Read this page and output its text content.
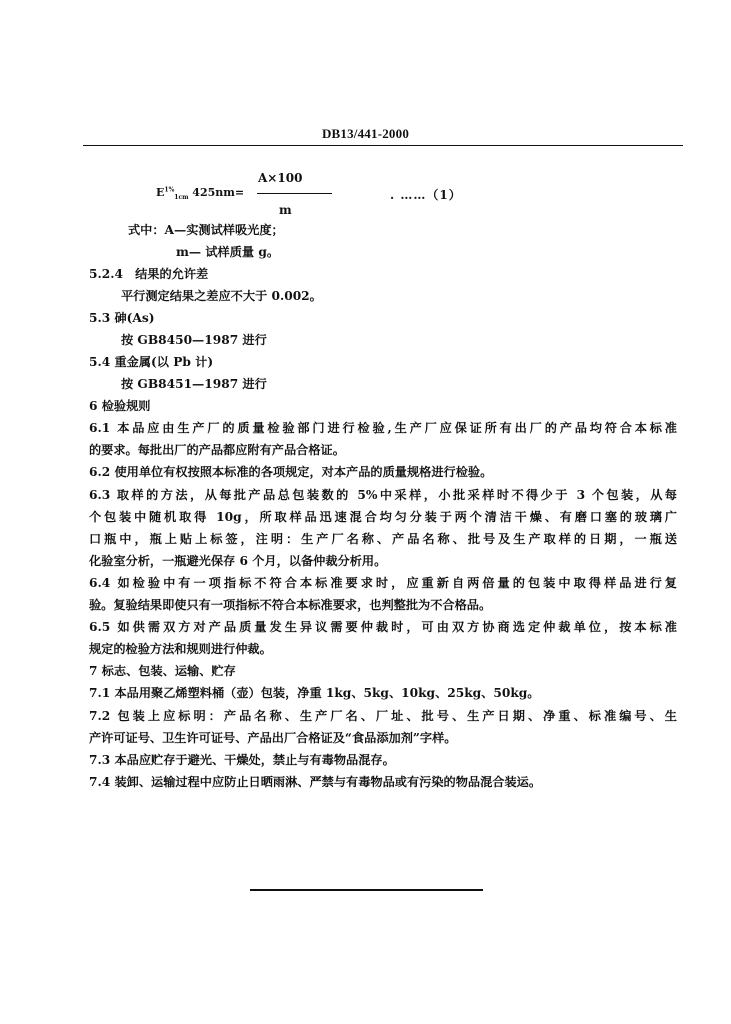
DB13/441-2000
A×100
$E^{1\%}_{1cm}$ 425nm=
m
. ……（1）
式中：A—实测试样吸光度；
m— 试样质量 g。
5.2.4　结果的允许差
平行测定结果之差应不大于 0.002。
5.3 砷(As)
按 GB8450—1987 进行
5.4 重金属(以 Pb 计)
按 GB8451—1987 进行
6 检验规则
6.1 本品应由生产厂的质量检验部门进行检验,生产厂应保证所有出厂的产品均符合本标准
的要求。每批出厂的产品都应附有产品合格证。
6.2 使用单位有权按照本标准的各项规定，对本产品的质量规格进行检验。
6.3 取样的方法，从每批产品总包装数的 5%中采样，小批采样时不得少于 3 个包装，从每
个包装中随机取得 10g，所取样品迅速混合均匀分装于两个清洁干燥、有磨口塞的玻璃广
口瓶中，瓶上贴上标签，注明：生产厂名称、产品名称、批号及生产取样的日期，一瓶送
化验室分析，一瓶避光保存 6 个月，以备仲裁分析用。
6.4 如检验中有一项指标不符合本标准要求时，应重新自两倍量的包装中取得样品进行复
验。复验结果即使只有一项指标不符合本标准要求，也判整批为不合格品。
6.5 如供需双方对产品质量发生异议需要仲裁时，可由双方协商选定仲裁单位，按本标准
规定的检验方法和规则进行仲裁。
7 标志、包装、运输、贮存
7.1 本品用聚乙烯塑料桶（壶）包装，净重 1kg、5kg、10kg、25kg、50kg。
7.2 包装上应标明：产品名称、生产厂名、厂址、批号、生产日期、净重、标准编号、生
产许可证号、卫生许可证号、产品出厂合格证及“食品添加剂”字样。
7.3 本品应贮存于避光、干燥处，禁止与有毒物品混存。
7.4 装卸、运输过程中应防止日晒雨淋、严禁与有毒物品或有污染的物品混合装运。
